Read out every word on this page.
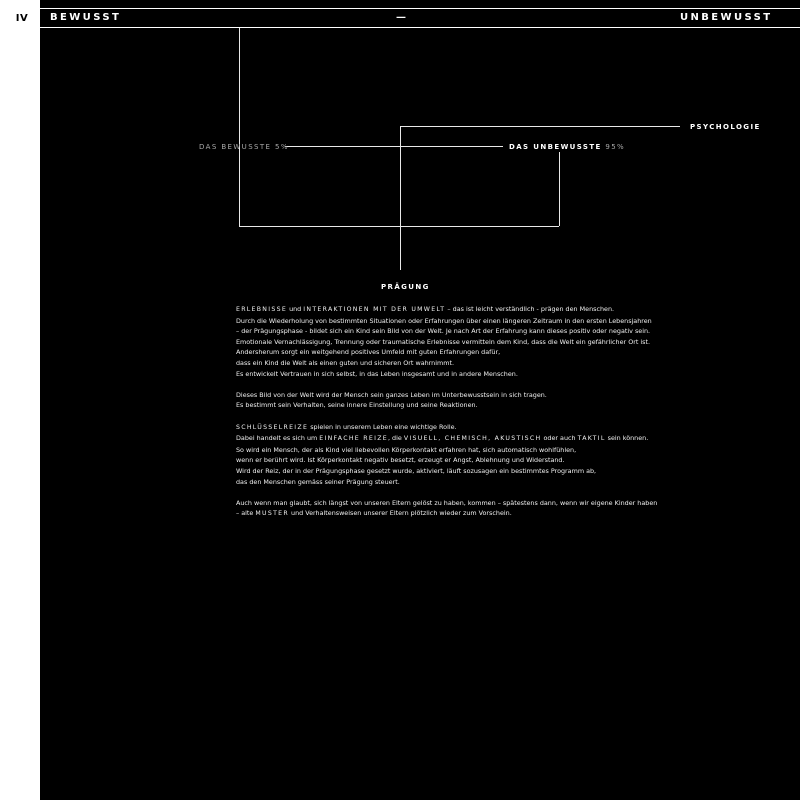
IV	BEWUSST	—	UNBEWUSST
DAS BEWUSSTE 5%	DAS UNBEWUSSTE 95%
PSYCHOLOGIE
PRÄGUNG

ERLEBNISSE und INTERAKTIONEN MIT DER UMWELT – das ist leicht verständlich - prägen den Menschen.
Durch die Wiederholung von bestimmten Situationen oder Erfahrungen über einen längeren Zeitraum in den ersten Lebensjahren
– der Prägungsphase - bildet sich ein Kind sein Bild von der Welt. Je nach Art der Erfahrung kann dieses positiv oder negativ sein.
Emotionale Vernachlässigung, Trennung oder traumatische Erlebnisse vermitteln dem Kind, dass die Welt ein gefährlicher Ort ist.
Andersherum sorgt ein weitgehend positives Umfeld mit guten Erfahrungen dafür,
dass ein Kind die Welt als einen guten und sicheren Ort wahrnimmt.
Es entwickelt Vertrauen in sich selbst, in das Leben insgesamt und in andere Menschen.

Dieses Bild von der Welt wird der Mensch sein ganzes Leben im Unterbewusstsein in sich tragen.
Es bestimmt sein Verhalten, seine innere Einstellung und seine Reaktionen.

SCHLÜSSELREIZE spielen in unserem Leben eine wichtige Rolle.
Dabei handelt es sich um EINFACHE REIZE, die VISUELL, CHEMISCH, AKUSTISCH oder auch TAKTIL sein können.
So wird ein Mensch, der als Kind viel liebevollen Körperkontakt erfahren hat, sich automatisch wohlfühlen,
wenn er berührt wird. Ist Körperkontakt negativ besetzt, erzeugt er Angst, Ablehnung und Widerstand.
Wird der Reiz, der in der Prägungsphase gesetzt wurde, aktiviert, läuft sozusagen ein bestimmtes Programm ab,
das den Menschen gemäss seiner Prägung steuert.

Auch wenn man glaubt, sich längst von unseren Eltern gelöst zu haben, kommen – spätestens dann, wenn wir eigene Kinder haben
– alte MUSTER und Verhaltensweisen unserer Eltern plötzlich wieder zum Vorschein.
